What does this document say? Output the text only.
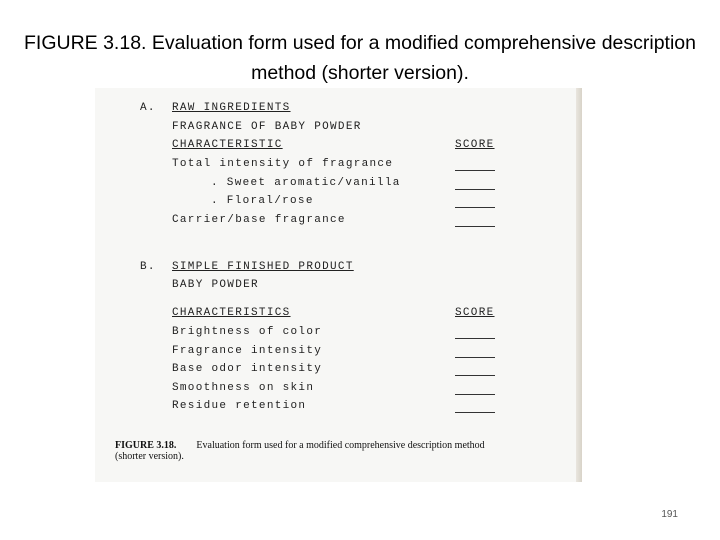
FIGURE 3.18. Evaluation form used for a modified comprehensive description method (shorter version).
A. RAW INGREDIENTS
FRAGRANCE OF BABY POWDER
CHARACTERISTIC	SCORE
Total intensity of fragrance
. Sweet aromatic/vanilla
. Floral/rose
Carrier/base fragrance
B. SIMPLE FINISHED PRODUCT
BABY POWDER
CHARACTERISTICS	SCORE
Brightness of color
Fragrance intensity
Base odor intensity
Smoothness on skin
Residue retention
FIGURE 3.18. Evaluation form used for a modified comprehensive description method
(shorter version).
191
